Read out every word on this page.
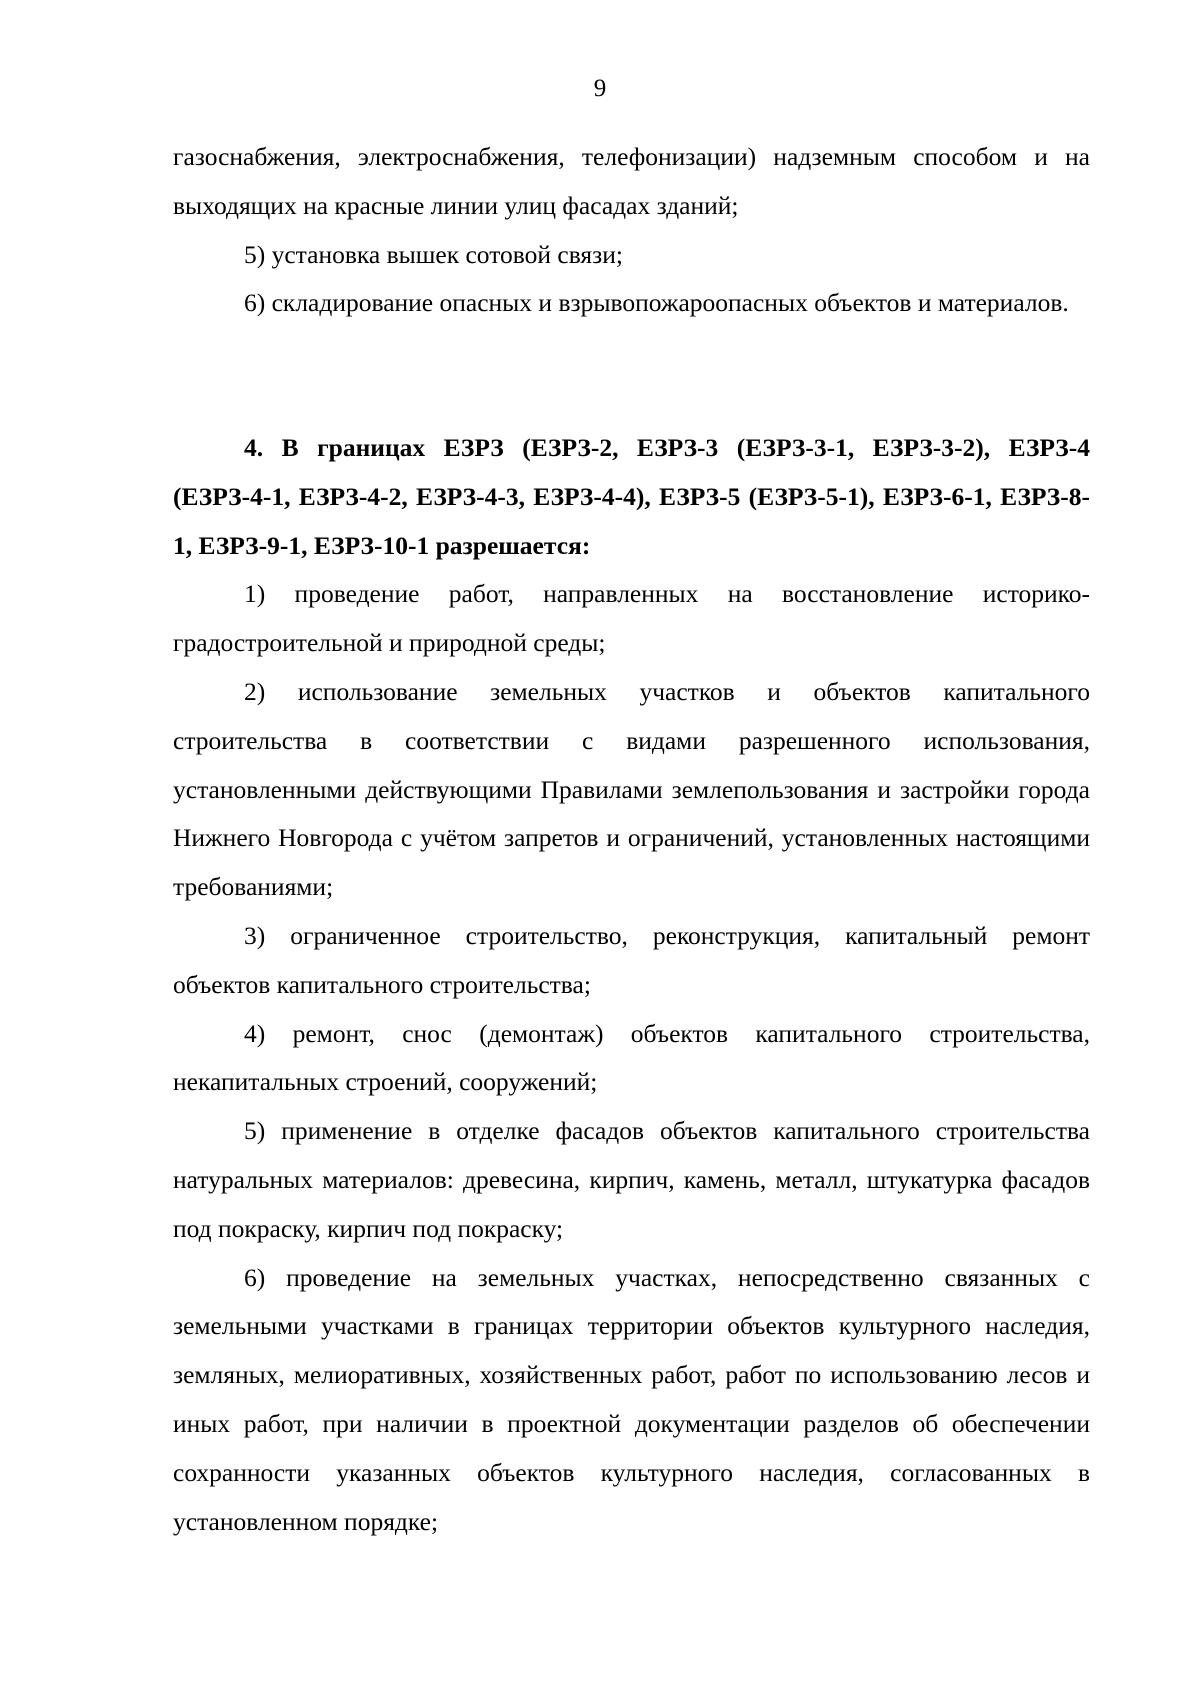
9

газоснабжения, электроснабжения, телефонизации) надземным способом и на выходящих на красные линии улиц фасадах зданий;

5) установка вышек сотовой связи;

6) складирование опасных и взрывопожароопасных объектов и материалов.

4. В границах ЕЗРЗ (ЕЗРЗ-2, ЕЗРЗ-3 (ЕЗРЗ-3-1, ЕЗРЗ-3-2), ЕЗРЗ-4 (ЕЗРЗ-4-1, ЕЗРЗ-4-2, ЕЗРЗ-4-3, ЕЗРЗ-4-4), ЕЗРЗ-5 (ЕЗРЗ-5-1), ЕЗРЗ-6-1, ЕЗРЗ-8-1, ЕЗРЗ-9-1, ЕЗРЗ-10-1 разрешается:

1) проведение работ, направленных на восстановление историко-градостроительной и природной среды;

2) использование земельных участков и объектов капитального строительства в соответствии с видами разрешенного использования, установленными действующими Правилами землепользования и застройки города Нижнего Новгорода с учётом запретов и ограничений, установленных настоящими требованиями;

3) ограниченное строительство, реконструкция, капитальный ремонт объектов капитального строительства;

4) ремонт, снос (демонтаж) объектов капитального строительства, некапитальных строений, сооружений;

5) применение в отделке фасадов объектов капитального строительства натуральных материалов: древесина, кирпич, камень, металл, штукатурка фасадов под покраску, кирпич под покраску;

6) проведение на земельных участках, непосредственно связанных с земельными участками в границах территории объектов культурного наследия, земляных, мелиоративных, хозяйственных работ, работ по использованию лесов и иных работ, при наличии в проектной документации разделов об обеспечении сохранности указанных объектов культурного наследия, согласованных в установленном порядке;
